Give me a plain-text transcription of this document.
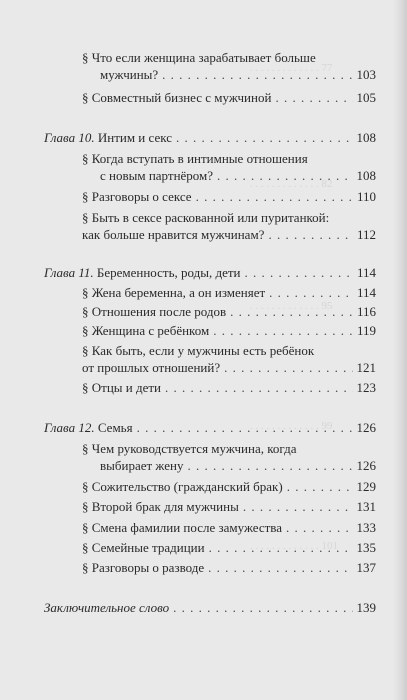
. . . . . . . . . . . . . 77
. . . . . . . . . . . . . 82
. . . . . . . . . . . . . 95
. . . . . . . . . . . . . 99
. . . . . . . . . . . . . 101
§ Что если женщина зарабатывает больше
мужчины? . . .	103
§ Совместный бизнес с мужчиной . . .	105
Глава 10. Интим и секс . . .	108
§ Когда вступать в интимные отношения
с новым партнёром? . . .	108
§ Разговоры о сексе . . .	110
§ Быть в сексе раскованной или пуританкой:
как больше нравится мужчинам? . . .	112
Глава 11. Беременность, роды, дети . . .	114
§ Жена беременна, а он изменяет . . .	114
§ Отношения после родов . . .	116
§ Женщина с ребёнком . . .	119
§ Как быть, если у мужчины есть ребёнок
от прошлых отношений? . . .	121
§ Отцы и дети . . .	123
Глава 12. Семья . . .	126
§ Чем руководствуется мужчина, когда
выбирает жену . . .	126
§ Сожительство (гражданский брак) . . .	129
§ Второй брак для мужчины . . .	131
§ Смена фамилии после замужества . . .	133
§ Семейные традиции . . .	135
§ Разговоры о разводе . . .	137
Заключительное слово . . .	139
